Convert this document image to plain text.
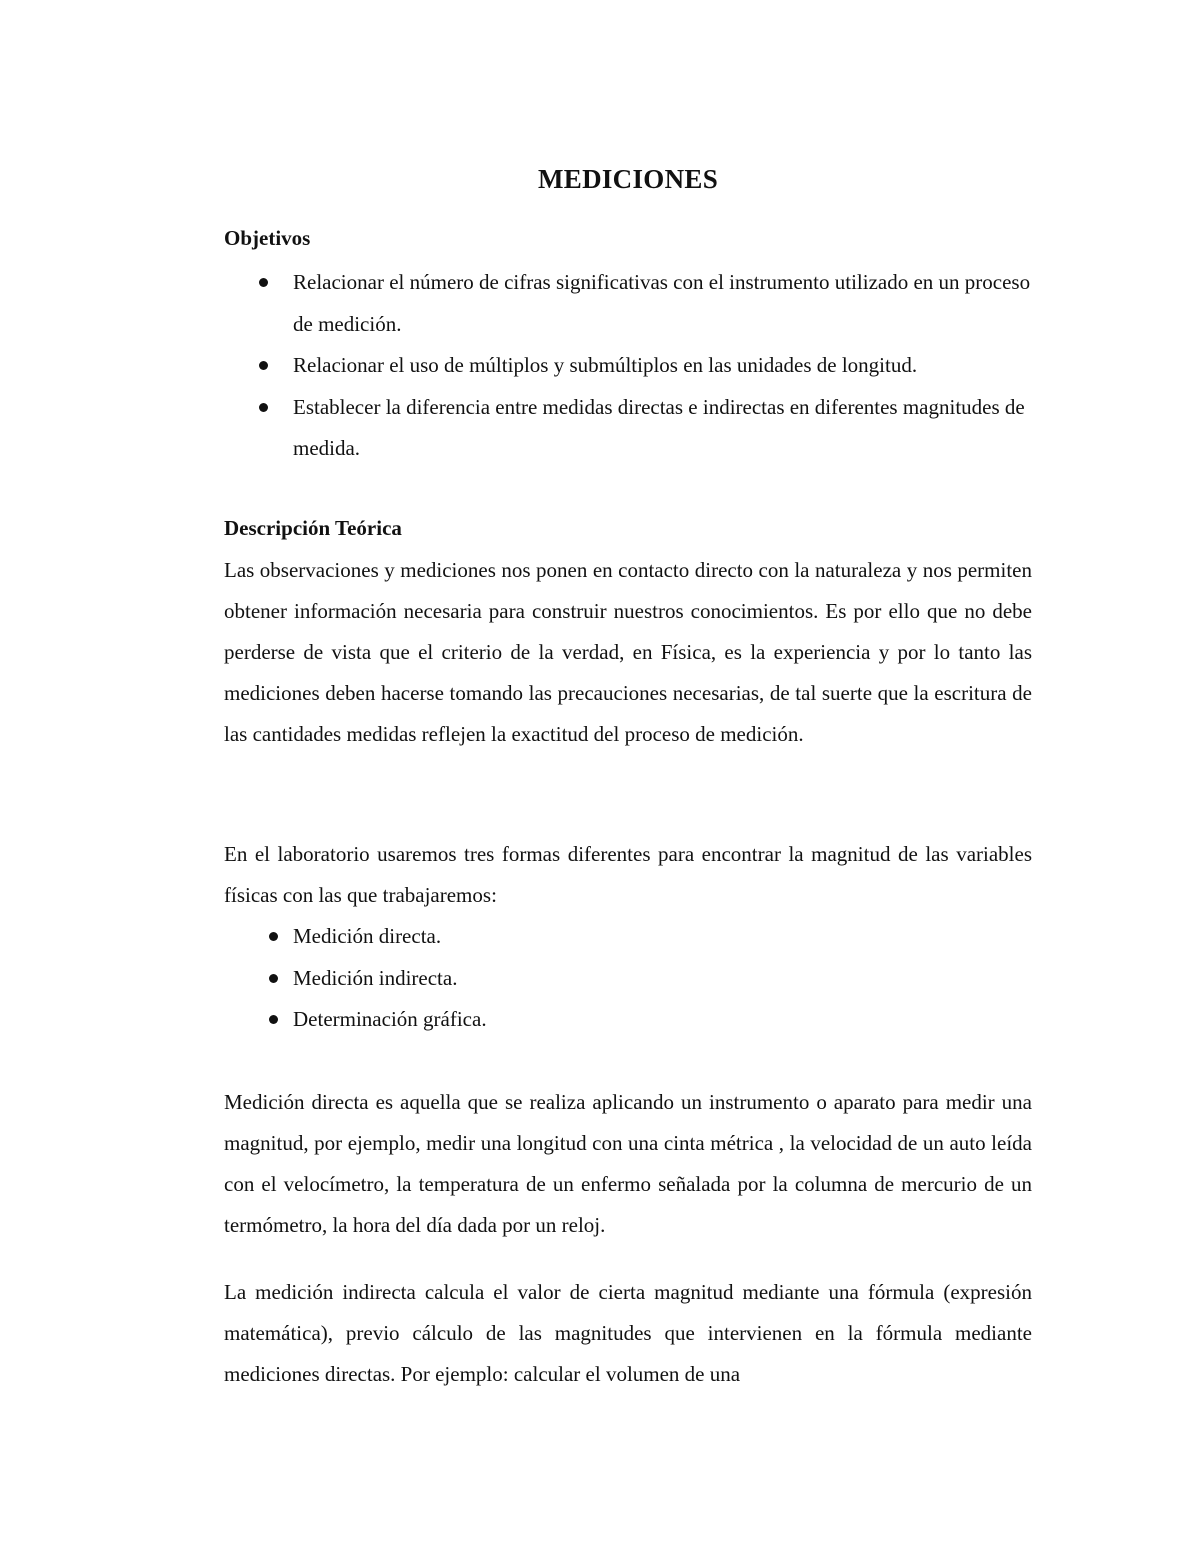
MEDICIONES
Objetivos
Relacionar el número de cifras significativas con el instrumento utilizado en un proceso de medición.
Relacionar el uso de múltiplos y submúltiplos en las unidades de longitud.
Establecer la diferencia entre medidas directas e indirectas en diferentes magnitudes de medida.
Descripción Teórica

Las observaciones y mediciones nos ponen en contacto directo con la naturaleza y nos permiten obtener información necesaria para construir nuestros conocimientos. Es por ello que no debe perderse de vista que el criterio de la verdad, en Física, es la experiencia y por lo tanto las mediciones deben hacerse tomando las precauciones necesarias, de tal suerte que la escritura de las cantidades medidas reflejen la exactitud del proceso de medición.

En el laboratorio usaremos tres formas diferentes para encontrar la magnitud de las variables físicas con las que trabajaremos:

Medición directa.
Medición indirecta.
Determinación gráfica.

Medición directa es aquella que se realiza aplicando un instrumento o aparato para medir una magnitud, por ejemplo, medir una longitud con una cinta métrica , la velocidad de un auto leída con el velocímetro, la temperatura de un enfermo señalada por la columna de mercurio de un termómetro, la hora del día dada por un reloj.

La medición indirecta calcula el valor de cierta magnitud mediante una fórmula (expresión matemática), previo cálculo de las magnitudes que intervienen en la fórmula mediante mediciones directas. Por ejemplo: calcular el volumen de una
